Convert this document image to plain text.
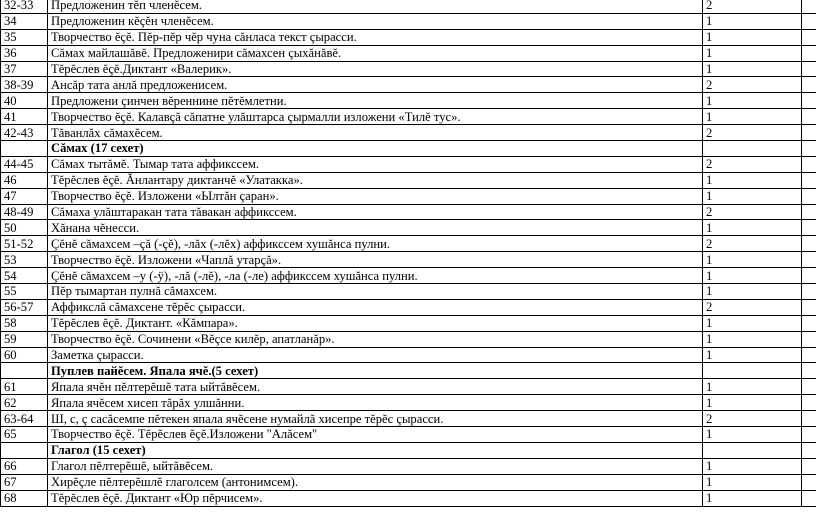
32-33	Предложенин тĕп членĕсем.	2	
34	Предложенин кĕçĕн членĕсем.	1	
35	Творчество ĕçĕ. Пĕр-пĕр чĕр чуна сăнласа текст çырасси.	1	
36	Сăмах майлашăвĕ. Предложенири сăмахсен çыхăнăвĕ.	1	
37	Тĕрĕслев ĕçĕ.Диктант «Валерик».	1	
38-39	Ансăр тата анлă предложенисем.	2	
40	Предложени çинчен вĕреннине пĕтĕмлетни.	1	
41	Творчество ĕçĕ. Калавçă сăпатне улăштарса çырмалли изложени «Тилĕ тус».	1	
42-43	Тăванлăх сăмахĕсем.	2	
	Сăмах (17 сехет)		
44-45	Сăмах тытăмĕ. Тымар тата аффикссем.	2	
46	Тĕрĕслев ĕçĕ. Ăнлантару диктанчĕ «Улатакка».	1	
47	Творчество ĕçĕ. Изложени «Ылтăн çаран».	1	
48-49	Сăмаха улăштаракан тата тăвакан аффикссем.	2	
50	Хăнана чĕнесси.	1	
51-52	Çĕнĕ сăмахсем –çă (-çĕ), -лăх (-лĕх) аффикссем хушăнса пулни.	2	
53	Творчество ĕçĕ. Изложени «Чаплă утарçă».	1	
54	Çĕнĕ сăмахсем –у (-ÿ), -лă (-лĕ), -ла (-ле) аффикссем хушăнса пулни.	1	
55	Пĕр тымартан пулнă сăмахсем.	1	
56-57	Аффикслă сăмахсене тĕрĕс çырасси.	2	
58	Тĕрĕслев ĕçĕ. Диктант. «Кăмпара».	1	
59	Творчество ĕçĕ. Сочинени «Вĕçсе килĕр, апатланăр».	1	
60	Заметка çырасси.	1	
	Пуплев пайĕсем. Япала ячĕ.(5 сехет)		
61	Япала ячĕн пĕлтерĕшĕ тата ыйтăвĕсем.	1	
62	Япала ячĕсем хисеп тăрăх улшăнни.	1	
63-64	Ш, с, ç сасăсемпе пĕтекен япала ячĕсене нумайлă хисепре тĕрĕс çырасси.	2	
65	Творчество ĕçĕ. Тĕрĕслев ĕçĕ.Изложени "Алăсем"	1	
	Глагол (15 сехет)		
66	Глагол пĕлтерĕшĕ, ыйтăвĕсем.	1	
67	Хирĕçле пĕлтерĕшлĕ глаголсем (антонимсем).	1	
68	Тĕрĕслев ĕçĕ. Диктант «Юр пĕрчисем».	1	
